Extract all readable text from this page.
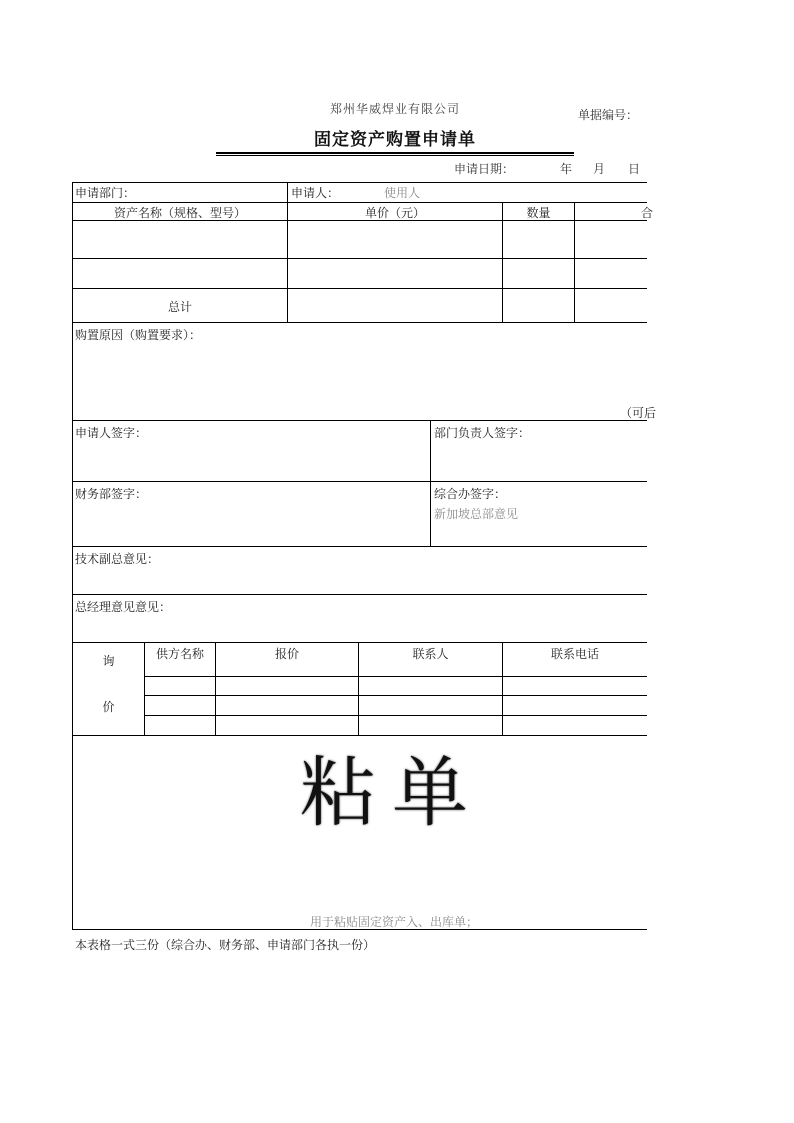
郑州华威焊业有限公司	单据编号：
固定资产购置申请单
申请日期：	年 月 日
申请部门：	申请人：	使用人
资产名称（规格、型号）	单价（元）	数量	合
总计
购置原因（购置要求）：
（可后
申请人签字：	部门负责人签字：
财务部签字：	综合办签字：
新加坡总部意见
技术副总意见：
总经理意见意见：
询
价
供方名称	报价	联系人	联系电话
粘单
用于粘贴固定资产入、出库单；
本表格一式三份（综合办、财务部、申请部门各执一份）
